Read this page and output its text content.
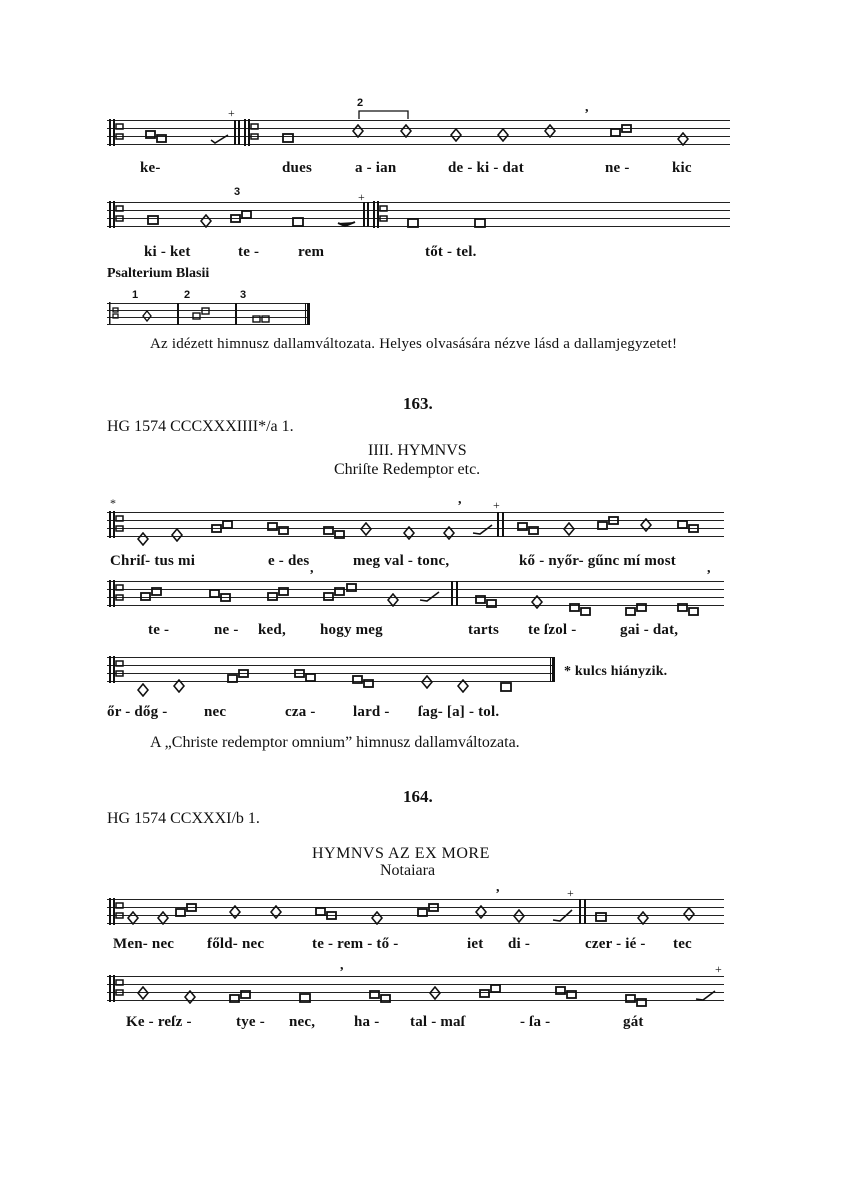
2	,
+
ke-	dues	a - ian	de - ki - dat	ne -	kic
3	+
ki - ket	te -	rem	tőt - tel.
Psalterium Blasii
1	2	3
Az idézett himnusz dallamváltozata. Helyes olvasására nézve lásd a dallamjegyzetet!
163.
HG 1574 CCCXXXIIII*/a 1.
IIII. HYMNVS
Chriſte Redemptor etc.
*	,	+
Chriſ- tus mi	e - des	meg val - tonc,	kő - nyőr- gűnc mí most
,	,
te -	ne - ked, hogy meg	tarts te ſzol -	gai - dat,
* kulcs hiányzik.
őr - dőg - nec	cza - lard - ſag- [a] - tol.
A „Christe redemptor omnium” himnusz dallamváltozata.
164.
HG 1574 CCXXXI/b 1.
HYMNVS AZ EX MORE
Notaiara
,	+
Men- nec főld- nec	te - rem - tő -	iet di -	czer - ié - tec
,	+
Ke - reſz -	tye - nec,	ha - tal - maſ	- ſa -	gát
